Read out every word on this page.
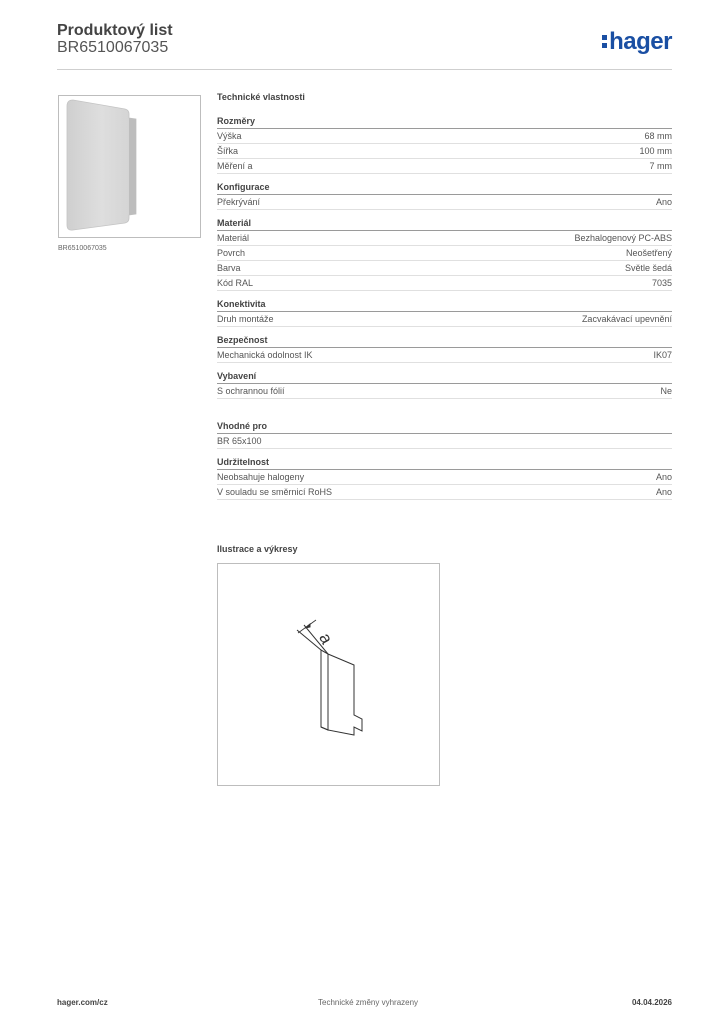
Produktový list
BR6510067035	hager
BR6510067035
Technické vlastnosti
Rozměry
Výška	68 mm
Šířka	100 mm
Měření a	7 mm
Konfigurace
Překrývání	Ano
Materiál
Materiál	Bezhalogenový PC-ABS
Povrch	Neošetřený
Barva	Světle šedá
Kód RAL	7035
Konektivita
Druh montáže	Zacvakávací upevnění
Bezpečnost
Mechanická odolnost IK	IK07
Vybavení
S ochrannou fólií	Ne
Vhodné pro
BR 65x100
Udržitelnost
Neobsahuje halogeny	Ano
V souladu se směrnicí RoHS	Ano
Ilustrace a výkresy
a
hager.com/cz	Technické změny vyhrazeny	04.04.2026
